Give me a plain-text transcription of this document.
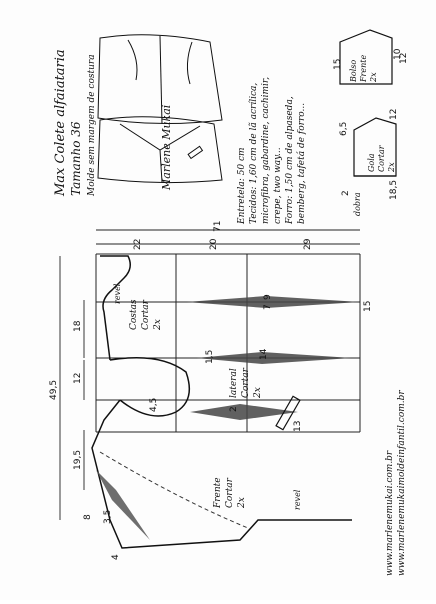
Max Colete alfaiataria Tamanho 36 Molde sem margem de costura	Marlene Mukai	Entretela: 50 cm Tecidos: 1,60 cm de lã acrílica, microfibra, gabardine, cachimir, crepe, two way... Forro: 1,50 cm de alpaseda, bemberg, tafetá de forro...
Bolso Frente 2x
Gola Cortar 2x
dobra
Costas Cortar 2x
lateral Cortar 2x
Frente Cortar 2x
revel
revel
71
22	20	29
18
12
49,5
19,5
8
4
9
7	15
14
13
2
1,5
4,5
3,5
10
15
12
6,5
18,5
2
12
www.marlenemukai.com.br www.marlenemukaimoldeinfantil.com.br
